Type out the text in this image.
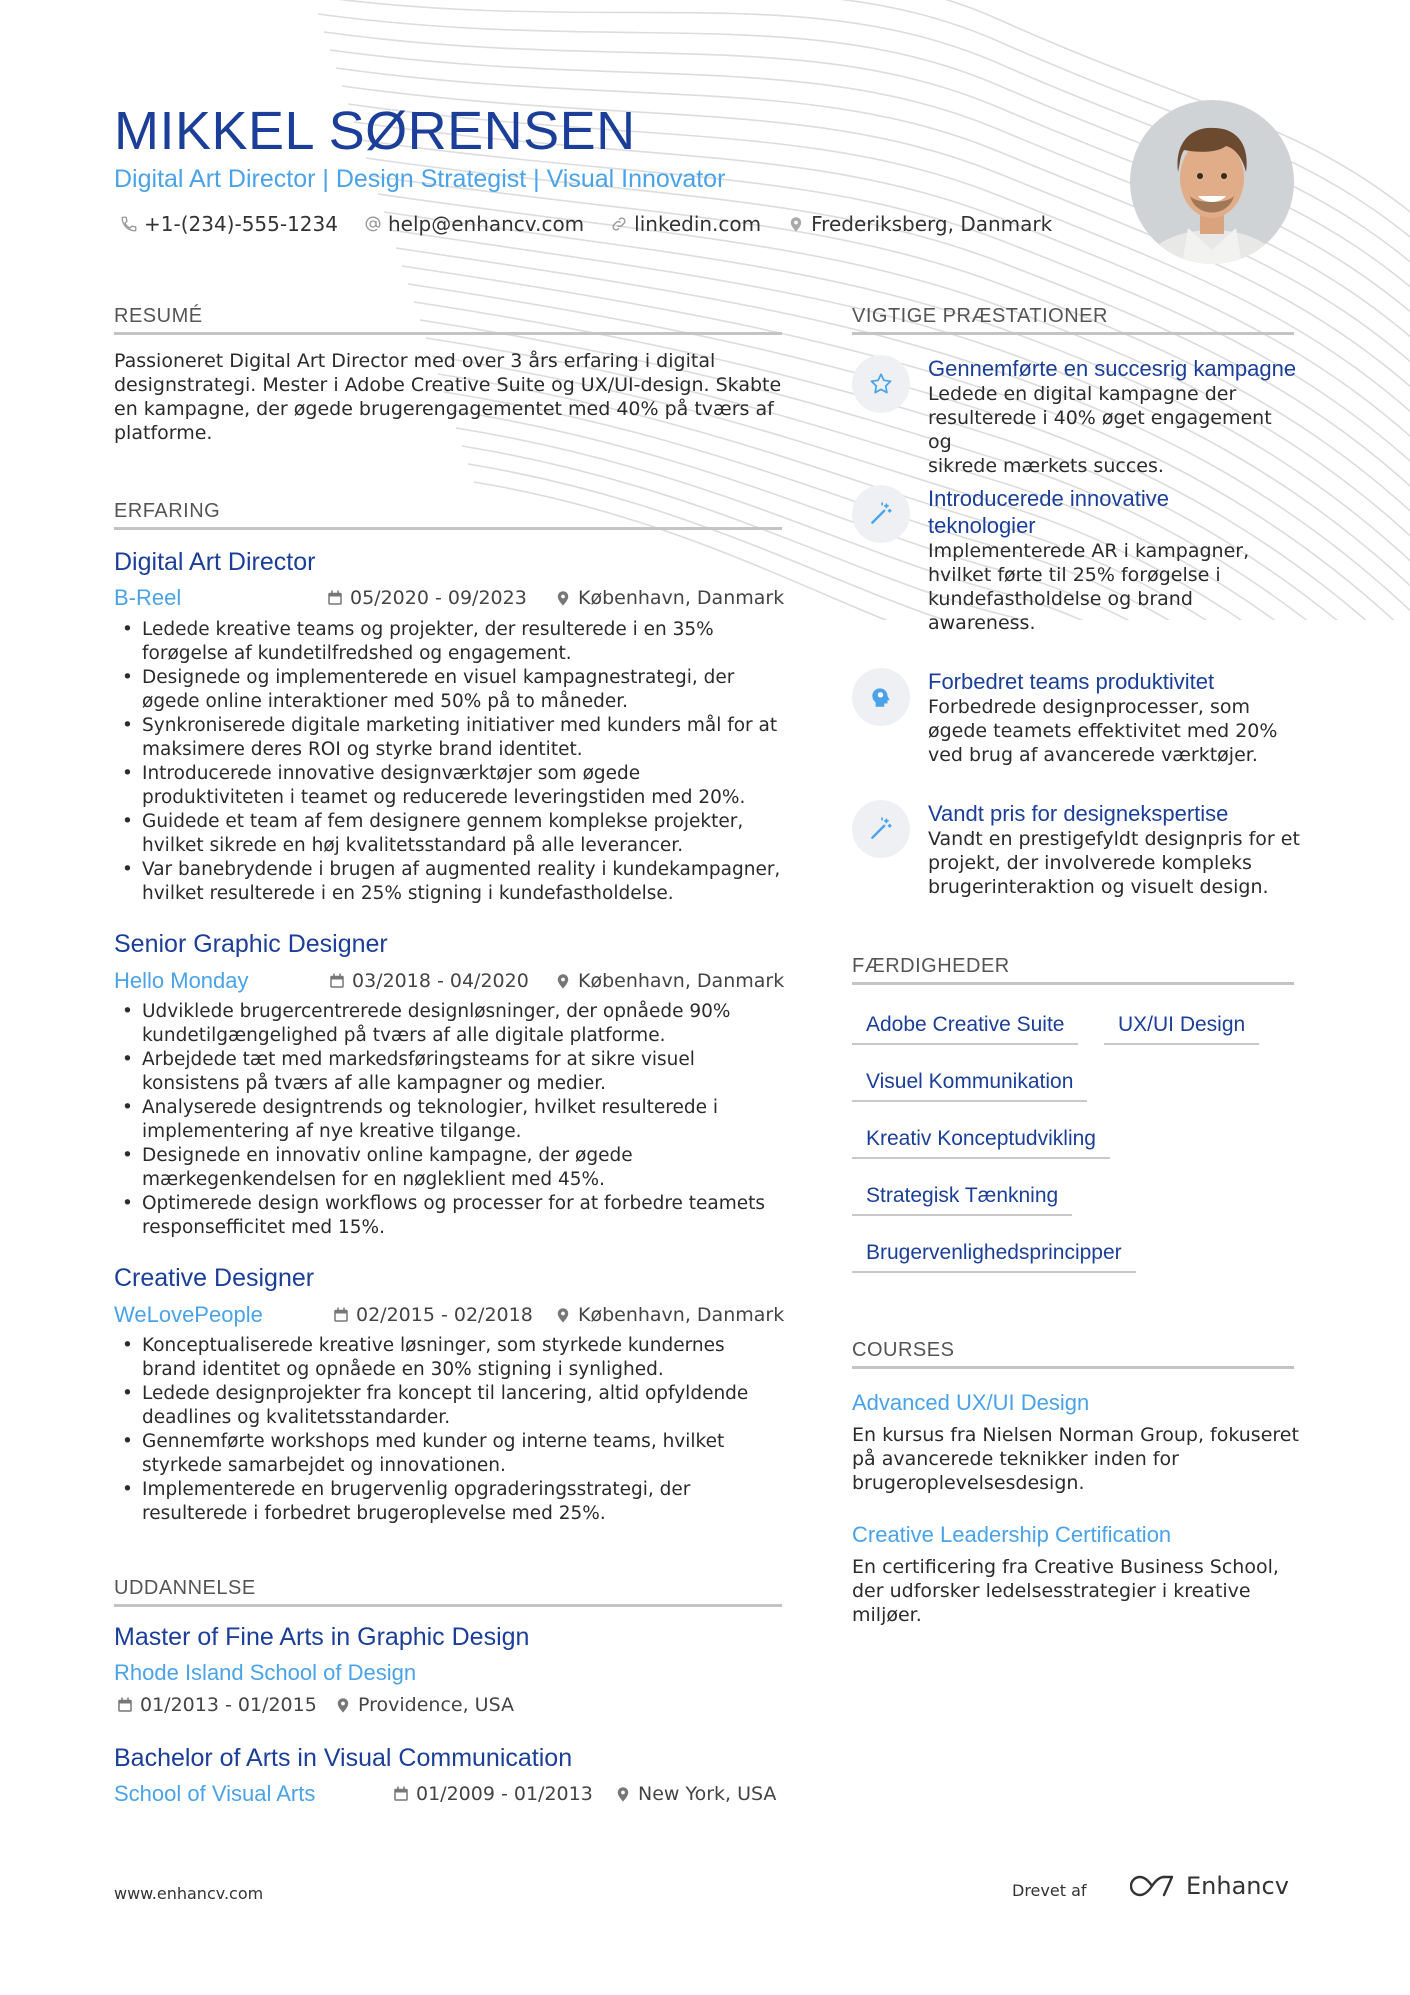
MIKKEL SØRENSEN
Digital Art Director | Design Strategist | Visual Innovator
+1-(234)-555-1234	help@enhancv.com	linkedin.com	Frederiksberg, Danmark
RESUMÉ
Passioneret Digital Art Director med over 3 års erfaring i digital
designstrategi. Mester i Adobe Creative Suite og UX/UI-design. Skabte
en kampagne, der øgede brugerengagementet med 40% på tværs af
platforme.
ERFARING
Digital Art Director
B-Reel	05/2020 - 09/2023	København, Danmark
• Ledede kreative teams og projekter, der resulterede i en 35%
forøgelse af kundetilfredshed og engagement.
• Designede og implementerede en visuel kampagnestrategi, der
øgede online interaktioner med 50% på to måneder.
• Synkroniserede digitale marketing initiativer med kunders mål for at
maksimere deres ROI og styrke brand identitet.
• Introducerede innovative designværktøjer som øgede
produktiviteten i teamet og reducerede leveringstiden med 20%.
• Guidede et team af fem designere gennem komplekse projekter,
hvilket sikrede en høj kvalitetsstandard på alle leverancer.
• Var banebrydende i brugen af augmented reality i kundekampagner,
hvilket resulterede i en 25% stigning i kundefastholdelse.
Senior Graphic Designer
Hello Monday	03/2018 - 04/2020	København, Danmark
• Udviklede brugercentrerede designløsninger, der opnåede 90%
kundetilgængelighed på tværs af alle digitale platforme.
• Arbejdede tæt med markedsføringsteams for at sikre visuel
konsistens på tværs af alle kampagner og medier.
• Analyserede designtrends og teknologier, hvilket resulterede i
implementering af nye kreative tilgange.
• Designede en innovativ online kampagne, der øgede
mærkegenkendelsen for en nøgleklient med 45%.
• Optimerede design workflows og processer for at forbedre teamets
responsefficitet med 15%.
Creative Designer
WeLovePeople	02/2015 - 02/2018 København, Danmark
• Konceptualiserede kreative løsninger, som styrkede kundernes
brand identitet og opnåede en 30% stigning i synlighed.
• Ledede designprojekter fra koncept til lancering, altid opfyldende
deadlines og kvalitetsstandarder.
• Gennemførte workshops med kunder og interne teams, hvilket
styrkede samarbejdet og innovationen.
• Implementerede en brugervenlig opgraderingsstrategi, der
resulterede i forbedret brugeroplevelse med 25%.
UDDANNELSE
Master of Fine Arts in Graphic Design
Rhode Island School of Design
01/2013 - 01/2015 Providence, USA
Bachelor of Arts in Visual Communication
School of Visual Arts	01/2009 - 01/2013 New York, USA
VIGTIGE PRÆSTATIONER
Gennemførte en succesrig kampagne
Ledede en digital kampagne der
resulterede i 40% øget engagement og
sikrede mærkets succes.
Introducerede innovative
teknologier
Implementerede AR i kampagner,
hvilket førte til 25% forøgelse i
kundefastholdelse og brand
awareness.
Forbedret teams produktivitet
Forbedrede designprocesser, som
øgede teamets effektivitet med 20%
ved brug af avancerede værktøjer.
Vandt pris for designekspertise
Vandt en prestigefyldt designpris for et
projekt, der involverede kompleks
brugerinteraktion og visuelt design.
FÆRDIGHEDER
Adobe Creative Suite	UX/UI Design
Visuel Kommunikation
Kreativ Konceptudvikling
Strategisk Tænkning
Brugervenlighedsprincipper
COURSES
Advanced UX/UI Design
En kursus fra Nielsen Norman Group, fokuseret
på avancerede teknikker inden for
brugeroplevelsesdesign.
Creative Leadership Certification
En certificering fra Creative Business School,
der udforsker ledelsesstrategier i kreative
miljøer.
www.enhancv.com	Drevet af	Enhancv
